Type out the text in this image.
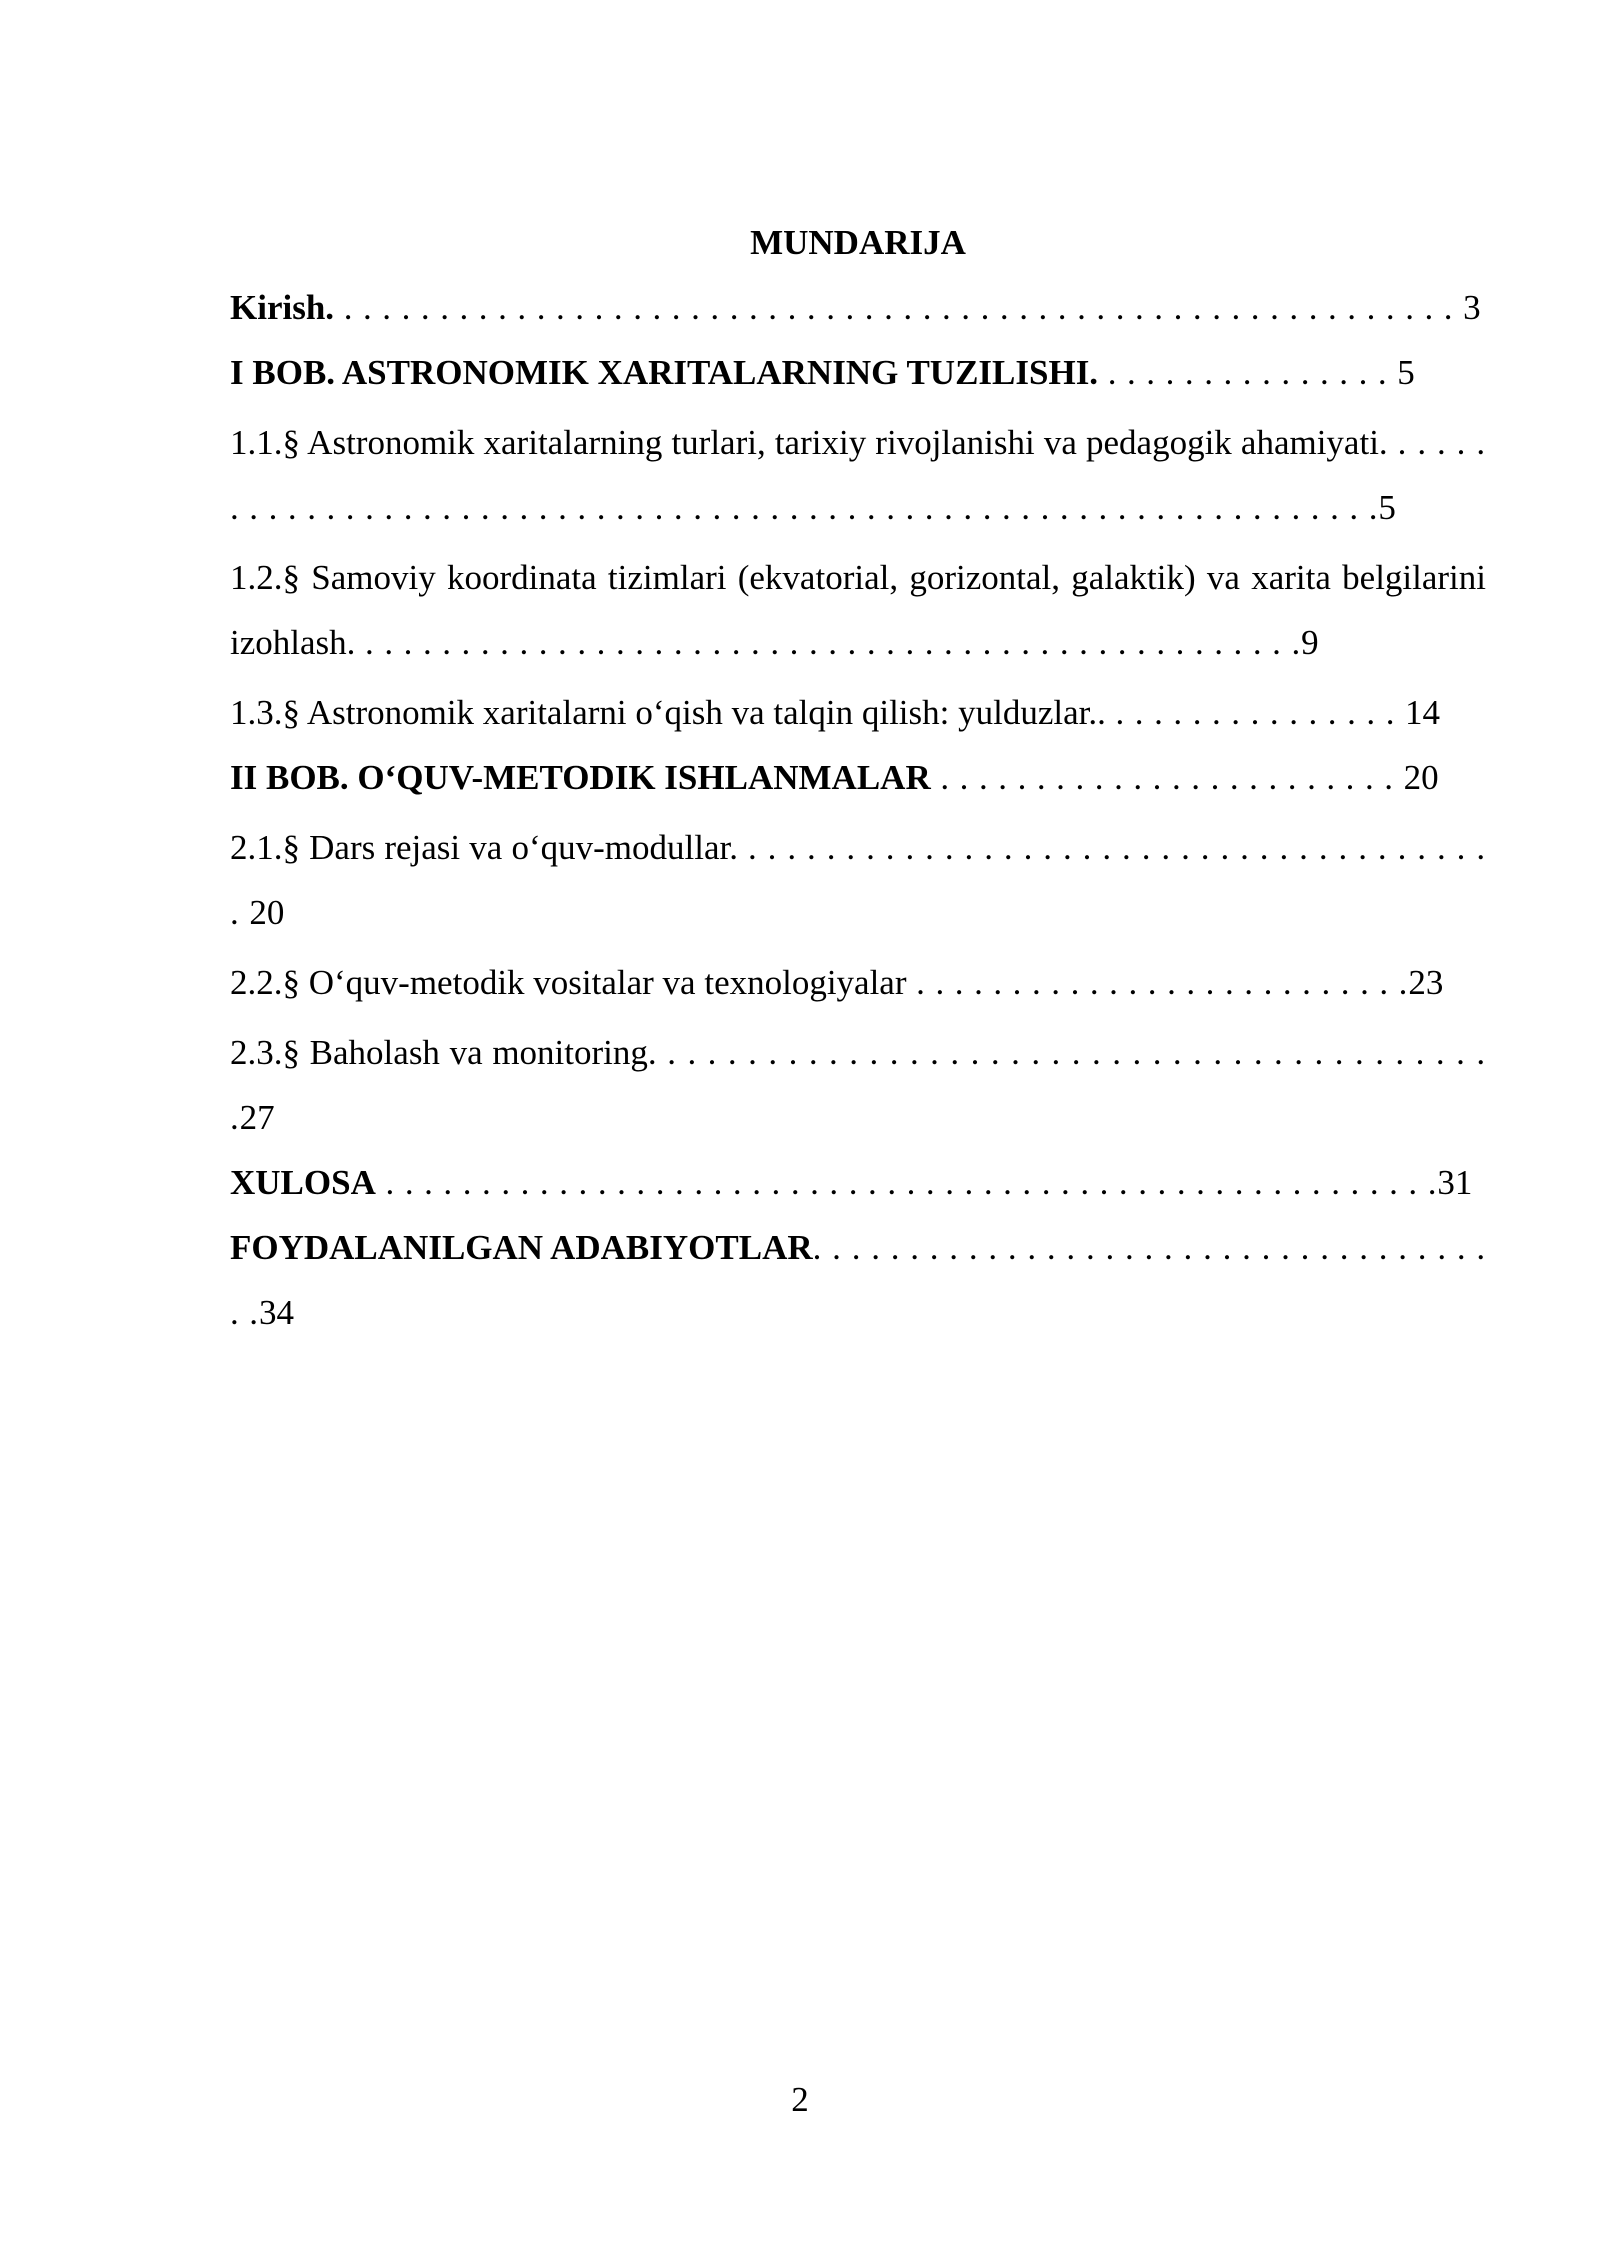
MUNDARIJA
Kirish. . . . . . . . . . . . . . . . . . . . . . . . . . . . . . . . . . . . . . . . . . . . . . . . . . . . . . . . . . . 3
I BOB. ASTRONOMIK XARITALARNING TUZILISHI. . . . . . . . . . . . . . . . 5
1.1.§ Astronomik xaritalarning turlari, tarixiy rivojlanishi va pedagogik ahamiyati. . . . . . . . . . . . . . . . . . . . . . . . . . . . . . . . . . . . . . . . . . . . . . . . . . . . . . . . . . . . . . . . . .5
1.2.§ Samoviy koordinata tizimlari (ekvatorial, gorizontal, galaktik) va xarita belgilarini izohlash. . . . . . . . . . . . . . . . . . . . . . . . . . . . . . . . . . . . . . . . . . . . . . . . . .9
1.3.§ Astronomik xaritalarni o‘qish va talqin qilish: yulduzlar.. . . . . . . . . . . . . . . . 14
II BOB. O‘QUV-METODIK ISHLANMALAR . . . . . . . . . . . . . . . . . . . . . . . . 20
2.1.§ Dars rejasi va o‘quv-modullar. . . . . . . . . . . . . . . . . . . . . . . . . . . . . . . . . . . . . . . . 20
2.2.§ O‘quv-metodik vositalar va texnologiyalar . . . . . . . . . . . . . . . . . . . . . . . . . .23
2.3.§ Baholash va monitoring. . . . . . . . . . . . . . . . . . . . . . . . . . . . . . . . . . . . . . . . . . .27
XULOSA . . . . . . . . . . . . . . . . . . . . . . . . . . . . . . . . . . . . . . . . . . . . . . . . . . . . . . .31
FOYDALANILGAN ADABIYOTLAR. . . . . . . . . . . . . . . . . . . . . . . . . . . . . . . . . . . . .34
2
